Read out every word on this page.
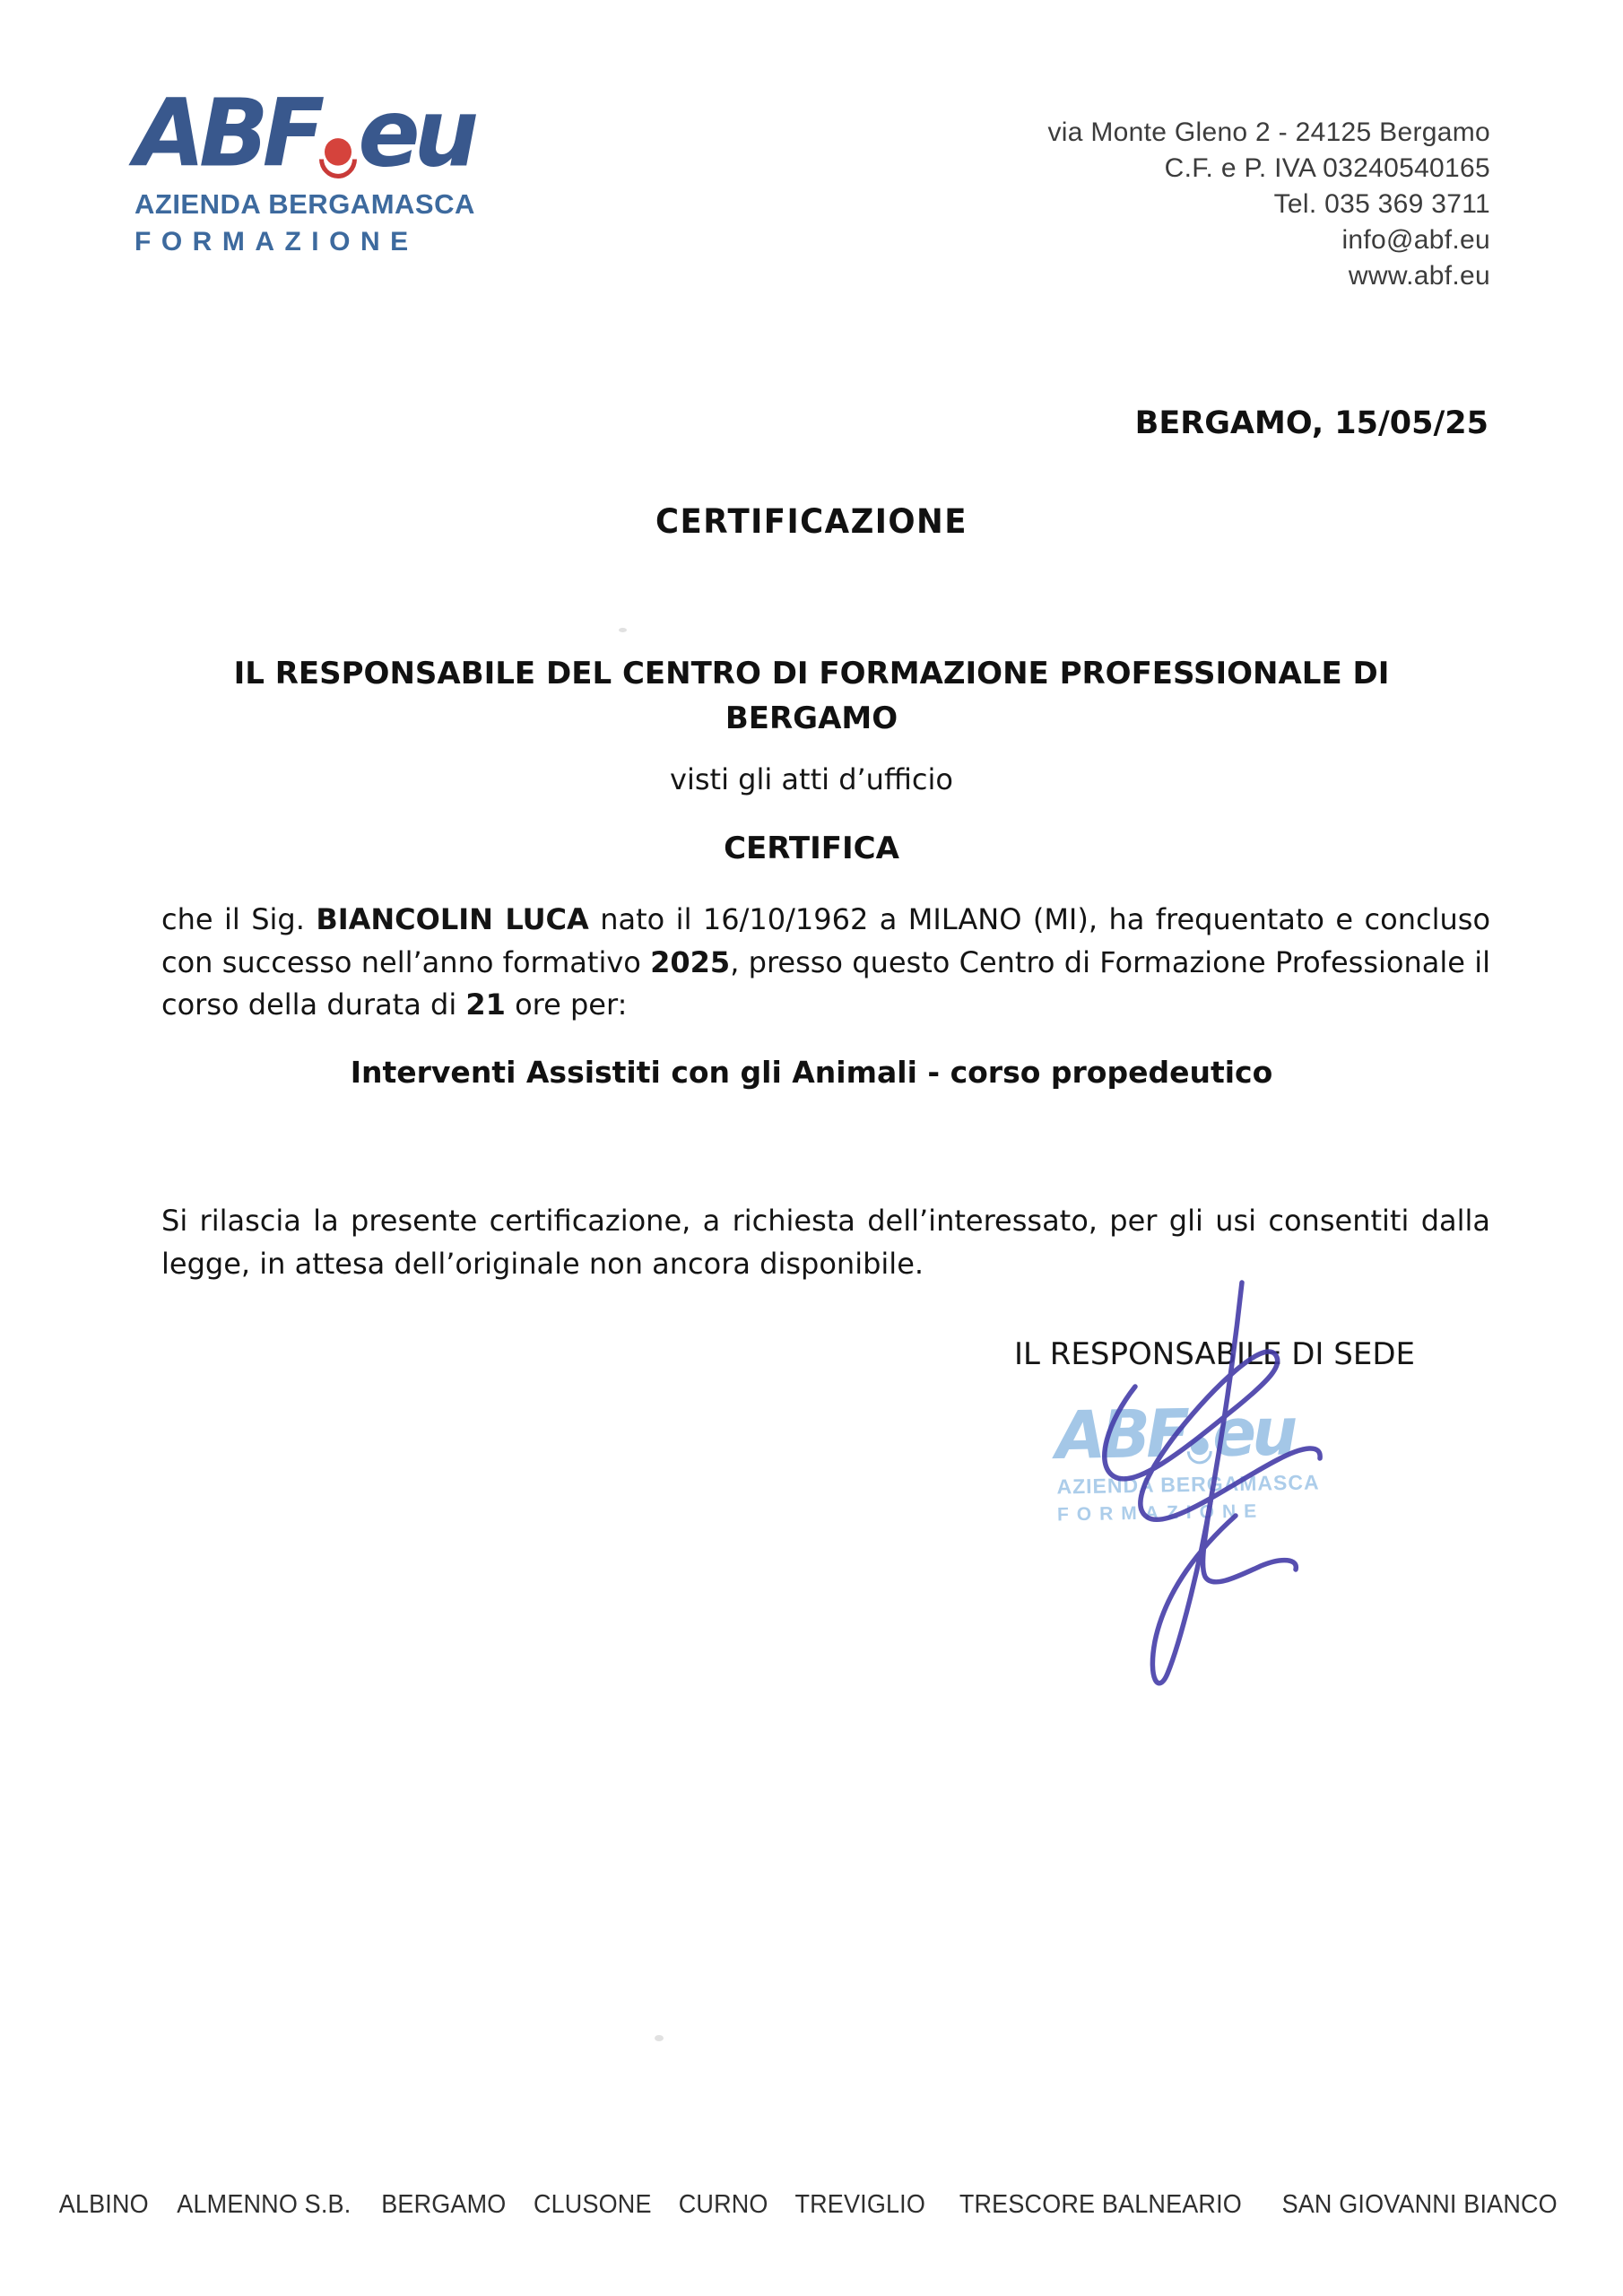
ABF eu
AZIENDA BERGAMASCA
FORMAZIONE
via Monte Gleno 2 - 24125 Bergamo
C.F. e P. IVA 03240540165
Tel. 035 369 3711
info@abf.eu
www.abf.eu
BERGAMO, 15/05/25
CERTIFICAZIONE
IL RESPONSABILE DEL CENTRO DI FORMAZIONE PROFESSIONALE DI
BERGAMO
visti gli atti d’ufficio
CERTIFICA

che il Sig. BIANCOLIN LUCA nato il 16/10/1962 a MILANO (MI), ha frequentato e concluso con successo nell’anno formativo 2025, presso questo Centro di Formazione Professionale il corso della durata di 21 ore per:

Interventi Assistiti con gli Animali - corso propedeutico

Si rilascia la presente certificazione, a richiesta dell’interessato, per gli usi consentiti dalla legge, in attesa dell’originale non ancora disponibile.

IL RESPONSABILE DI SEDE
ABF eu
AZIENDA BERGAMASCA
FORMAZIONE
ALBINO ALMENNO S.B. BERGAMO CLUSONE CURNO TREVIGLIO TRESCORE BALNEARIO SAN GIOVANNI BIANCO
